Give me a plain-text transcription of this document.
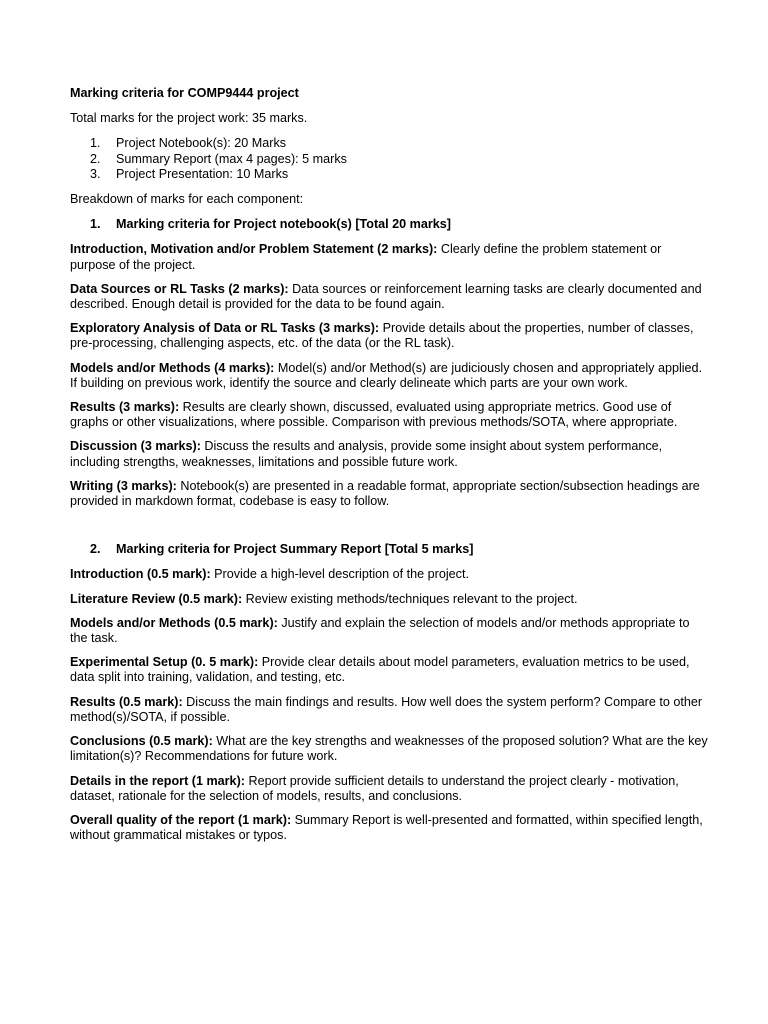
Marking criteria for COMP9444 project
Total marks for the project work: 35 marks.
1. Project Notebook(s): 20 Marks
2. Summary Report (max 4 pages): 5 marks
3. Project Presentation: 10 Marks
Breakdown of marks for each component:
1. Marking criteria for Project notebook(s) [Total 20 marks]
Introduction, Motivation and/or Problem Statement (2 marks): Clearly define the problem statement or purpose of the project.
Data Sources or RL Tasks (2 marks): Data sources or reinforcement learning tasks are clearly documented and described. Enough detail is provided for the data to be found again.
Exploratory Analysis of Data or RL Tasks (3 marks): Provide details about the properties, number of classes, pre-processing, challenging aspects, etc. of the data (or the RL task).
Models and/or Methods (4 marks): Model(s) and/or Method(s) are judiciously chosen and appropriately applied. If building on previous work, identify the source and clearly delineate which parts are your own work.
Results (3 marks): Results are clearly shown, discussed, evaluated using appropriate metrics. Good use of graphs or other visualizations, where possible. Comparison with previous methods/SOTA, where appropriate.
Discussion (3 marks): Discuss the results and analysis, provide some insight about system performance, including strengths, weaknesses, limitations and possible future work.
Writing (3 marks): Notebook(s) are presented in a readable format, appropriate section/subsection headings are provided in markdown format, codebase is easy to follow.
2. Marking criteria for Project Summary Report [Total 5 marks]
Introduction (0.5 mark): Provide a high-level description of the project.
Literature Review (0.5 mark): Review existing methods/techniques relevant to the project.
Models and/or Methods (0.5 mark): Justify and explain the selection of models and/or methods appropriate to the task.
Experimental Setup (0. 5 mark): Provide clear details about model parameters, evaluation metrics to be used, data split into training, validation, and testing, etc.
Results (0.5 mark): Discuss the main findings and results. How well does the system perform? Compare to other method(s)/SOTA, if possible.
Conclusions (0.5 mark): What are the key strengths and weaknesses of the proposed solution? What are the key limitation(s)? Recommendations for future work.
Details in the report (1 mark): Report provide sufficient details to understand the project clearly - motivation, dataset, rationale for the selection of models, results, and conclusions.
Overall quality of the report (1 mark): Summary Report is well-presented and formatted, within specified length, without grammatical mistakes or typos.
